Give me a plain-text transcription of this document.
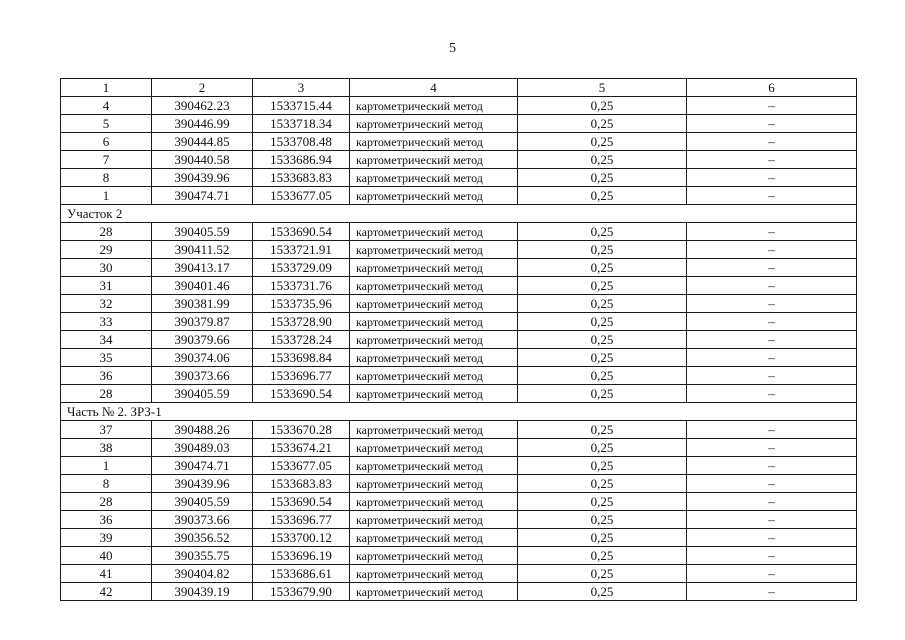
5
1	2	3	4	5	6
4	390462.23	1533715.44	картометрический метод	0,25	–
5	390446.99	1533718.34	картометрический метод	0,25	–
6	390444.85	1533708.48	картометрический метод	0,25	–
7	390440.58	1533686.94	картометрический метод	0,25	–
8	390439.96	1533683.83	картометрический метод	0,25	–
1	390474.71	1533677.05	картометрический метод	0,25	–
Участок 2					
28	390405.59	1533690.54	картометрический метод	0,25	–
29	390411.52	1533721.91	картометрический метод	0,25	–
30	390413.17	1533729.09	картометрический метод	0,25	–
31	390401.46	1533731.76	картометрический метод	0,25	–
32	390381.99	1533735.96	картометрический метод	0,25	–
33	390379.87	1533728.90	картометрический метод	0,25	–
34	390379.66	1533728.24	картометрический метод	0,25	–
35	390374.06	1533698.84	картометрический метод	0,25	–
36	390373.66	1533696.77	картометрический метод	0,25	–
28	390405.59	1533690.54	картометрический метод	0,25	–
Часть № 2. ЗРЗ-1					
37	390488.26	1533670.28	картометрический метод	0,25	–
38	390489.03	1533674.21	картометрический метод	0,25	–
1	390474.71	1533677.05	картометрический метод	0,25	–
8	390439.96	1533683.83	картометрический метод	0,25	–
28	390405.59	1533690.54	картометрический метод	0,25	–
36	390373.66	1533696.77	картометрический метод	0,25	–
39	390356.52	1533700.12	картометрический метод	0,25	–
40	390355.75	1533696.19	картометрический метод	0,25	–
41	390404.82	1533686.61	картометрический метод	0,25	–
42	390439.19	1533679.90	картометрический метод	0,25	–
